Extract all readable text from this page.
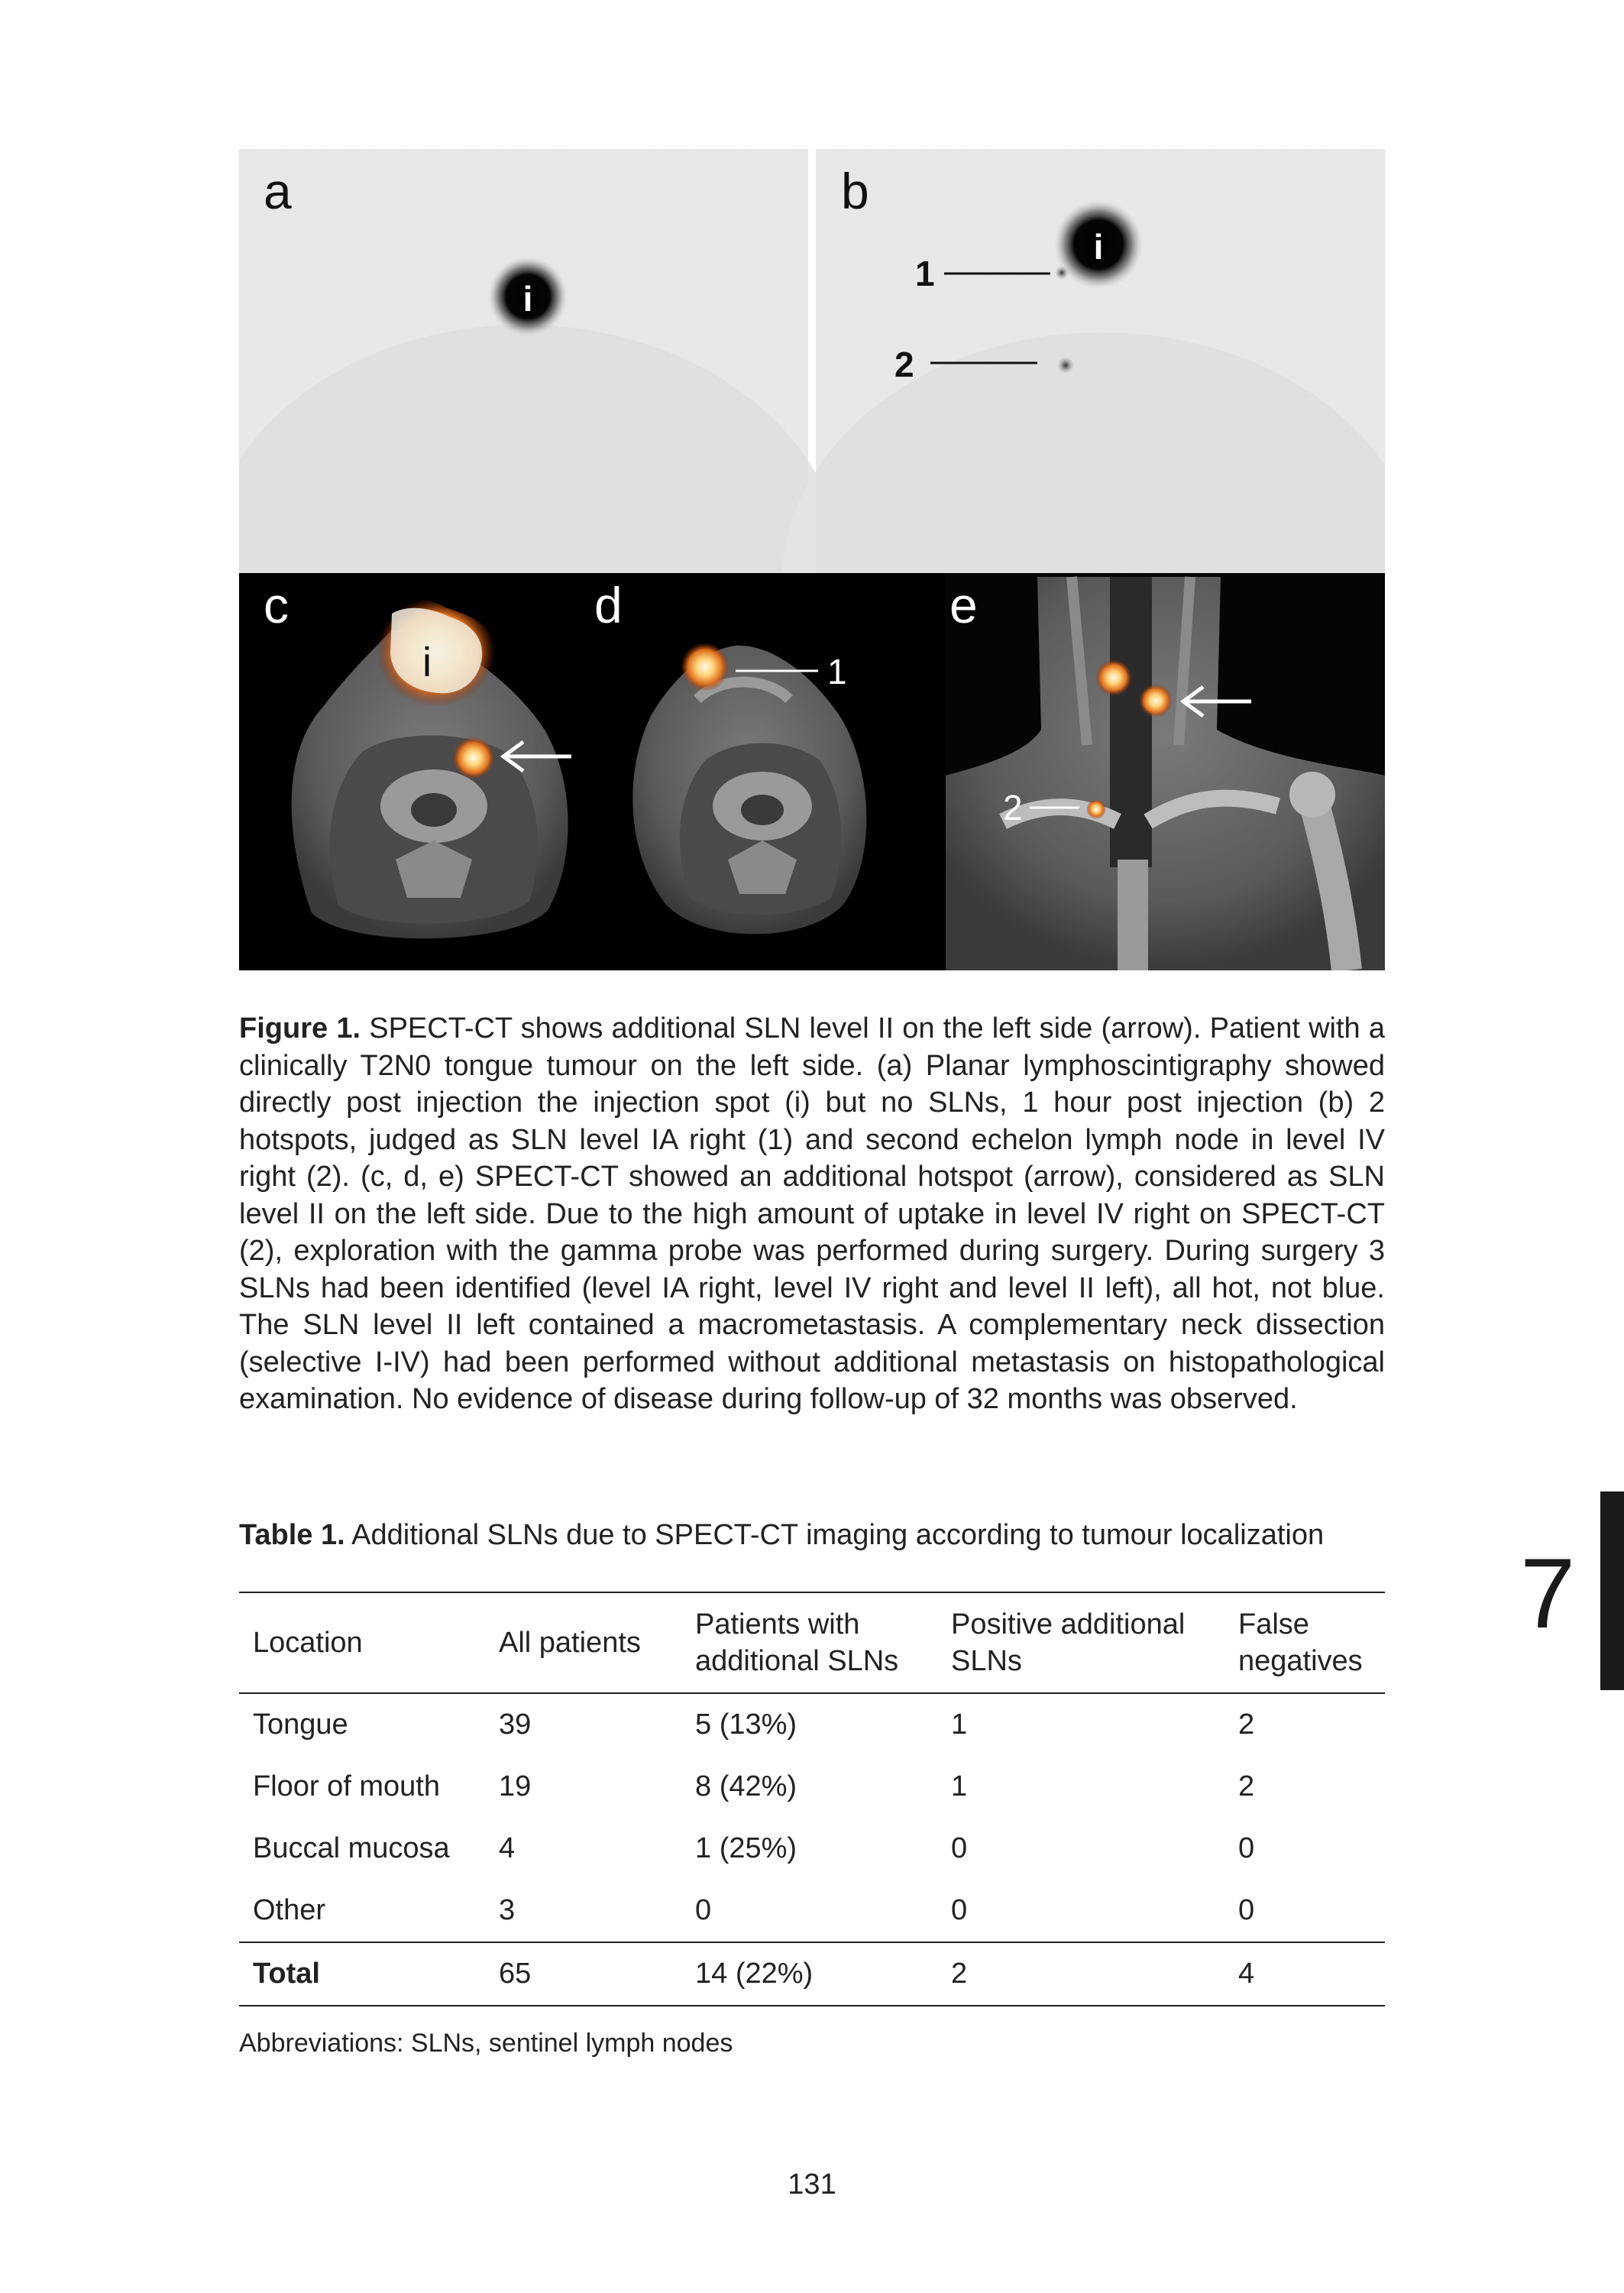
i
a
i
1
2
b
i
c
1
d
2
e
Figure 1. SPECT-CT shows additional SLN level II on the left side (arrow). Patient with a clinically T2N0 tongue tumour on the left side. (a) Planar lymphoscintigraphy showed directly post injection the injection spot (i) but no SLNs, 1 hour post injection (b) 2 hotspots, judged as SLN level IA right (1) and second echelon lymph node in level IV right (2). (c, d, e) SPECT-CT showed an additional hotspot (arrow), considered as SLN level II on the left side. Due to the high amount of uptake in level IV right on SPECT-CT (2), exploration with the gamma probe was performed during surgery. During surgery 3 SLNs had been identified (level IA right, level IV right and level II left), all hot, not blue. The SLN level II left contained a macrometastasis. A complementary neck dissection (selective I-IV) had been performed without additional metastasis on histopathological examination. No evidence of disease during follow-up of 32 months was observed.
Table 1. Additional SLNs due to SPECT-CT imaging according to tumour localization
Location	All patients	Patients with additional SLNs	Positive additional SLNs	False negatives
Tongue	39	5 (13%)	1	2
Floor of mouth	19	8 (42%)	1	2
Buccal mucosa	4	1 (25%)	0	0
Other	3	0	0	0
Total	65	14 (22%)	2	4
Abbreviations: SLNs, sentinel lymph nodes
131
7
